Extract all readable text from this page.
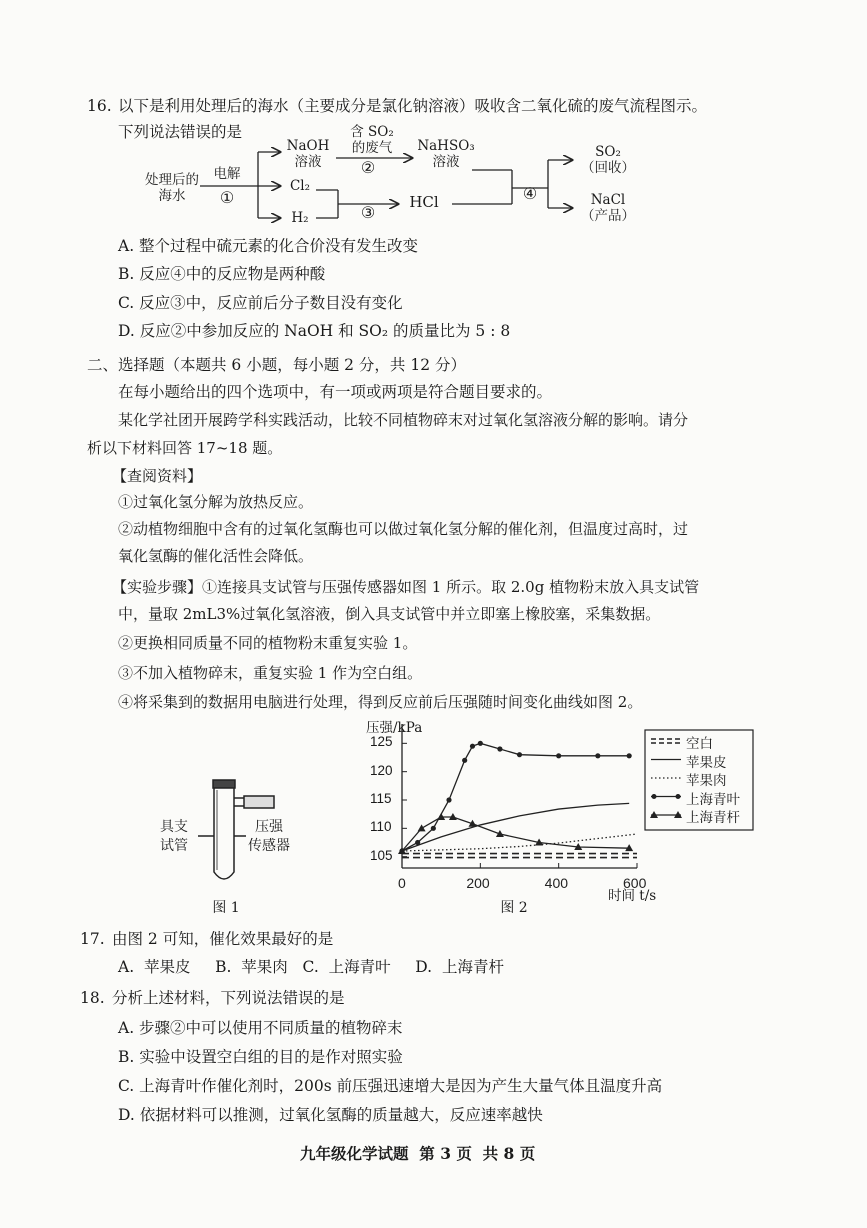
16. 以下是利用处理后的海水（主要成分是氯化钠溶液）吸收含二氧化硫的废气流程图示。
下列说法错误的是
处理后的
海水
电解
①
NaOH
溶液
Cl₂
H₂
含 SO₂
的废气
②
③
NaHSO₃
溶液
HCl	④
SO₂
（回收）
NaCl
（产品）
A. 整个过程中硫元素的化合价没有发生改变
B. 反应④中的反应物是两种酸
C. 反应③中，反应前后分子数目没有变化
D. 反应②中参加反应的 NaOH 和 SO₂ 的质量比为 5 : 8
二、选择题（本题共 6 小题，每小题 2 分，共 12 分）
在每小题给出的四个选项中，有一项或两项是符合题目要求的。
某化学社团开展跨学科实践活动，比较不同植物碎末对过氧化氢溶液分解的影响。请分
析以下材料回答 17~18 题。
【查阅资料】
①过氧化氢分解为放热反应。
②动植物细胞中含有的过氧化氢酶也可以做过氧化氢分解的催化剂，但温度过高时，过
氧化氢酶的催化活性会降低。
【实验步骤】①连接具支试管与压强传感器如图 1 所示。取 2.0g 植物粉末放入具支试管
中，量取 2mL3%过氧化氢溶液，倒入具支试管中并立即塞上橡胶塞，采集数据。
②更换相同质量不同的植物粉末重复实验 1。
③不加入植物碎末，重复实验 1 作为空白组。
④将采集到的数据用电脑进行处理，得到反应前后压强随时间变化曲线如图 2。
具支
试管
压强
传感器
图 1
0	200	400	600
压强/kPa
时间 t/s
图 2
105
110
115
120
125	空白
苹果皮
苹果肉
上海青叶
上海青杆
17. 由图 2 可知，催化效果最好的是
A.  苹果皮     B.  苹果肉   C.  上海青叶     D.  上海青杆
18. 分析上述材料，下列说法错误的是
A. 步骤②中可以使用不同质量的植物碎末
B. 实验中设置空白组的目的是作对照实验
C. 上海青叶作催化剂时，200s 前压强迅速增大是因为产生大量气体且温度升高
D. 依据材料可以推测，过氧化氢酶的质量越大，反应速率越快
九年级化学试题  第 3 页  共 8 页
